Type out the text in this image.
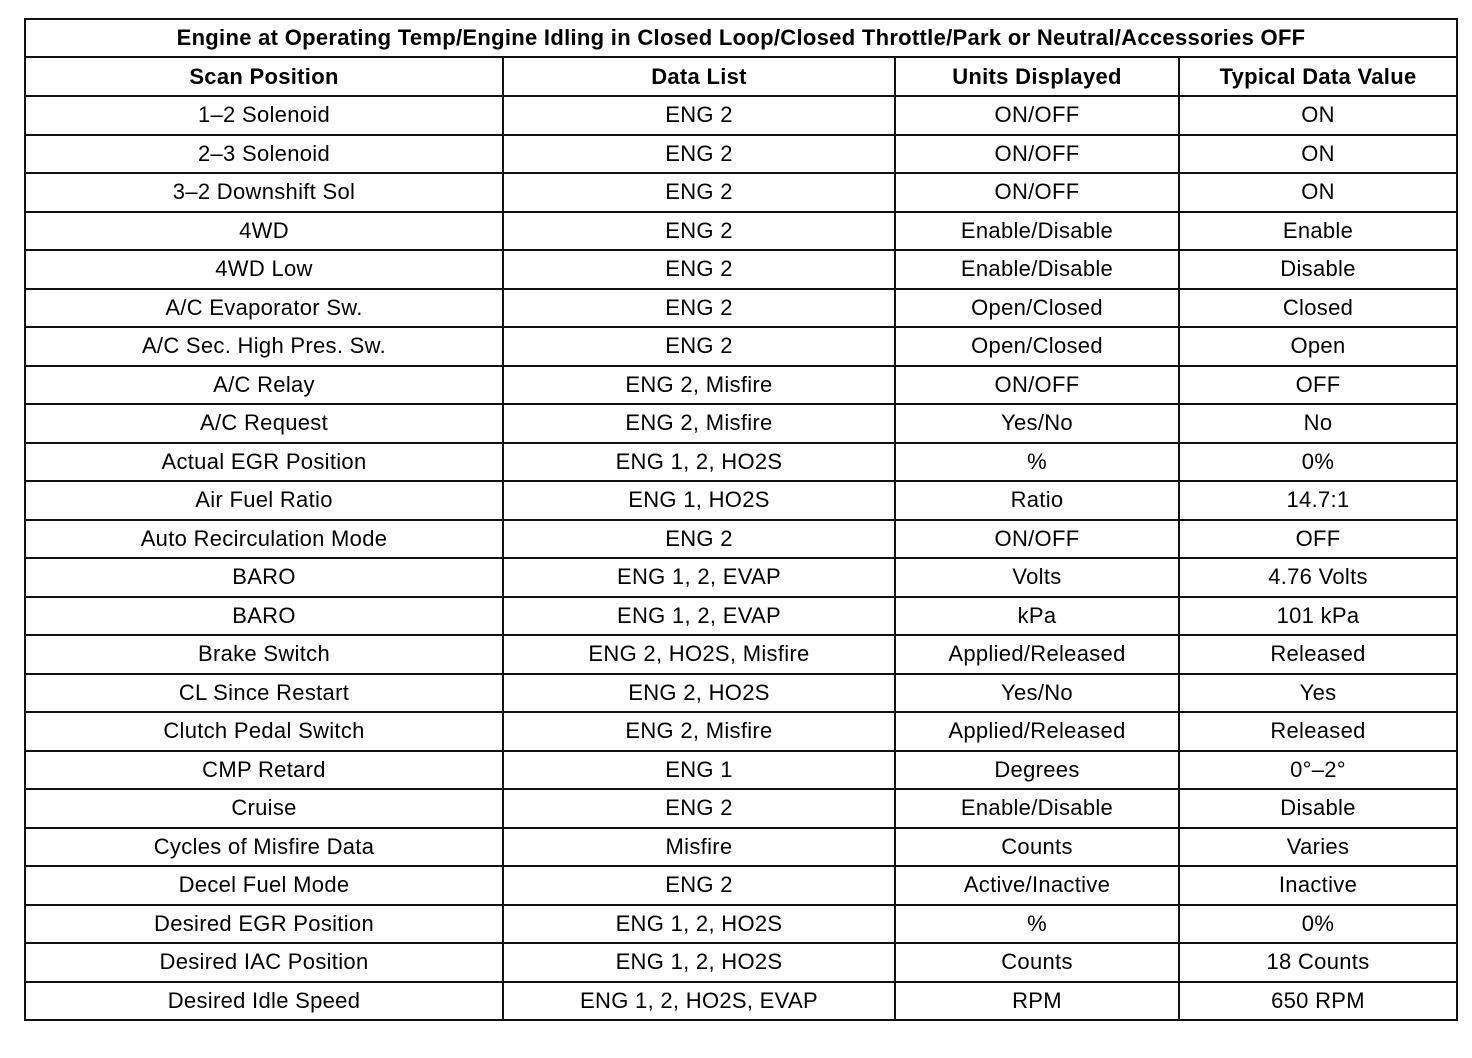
Engine at Operating Temp/Engine Idling in Closed Loop/Closed Throttle/Park or Neutral/Accessories OFF			
Scan Position	Data List	Units Displayed	Typical Data Value
1–2 Solenoid	ENG 2	ON/OFF	ON
2–3 Solenoid	ENG 2	ON/OFF	ON
3–2 Downshift Sol	ENG 2	ON/OFF	ON
4WD	ENG 2	Enable/Disable	Enable
4WD Low	ENG 2	Enable/Disable	Disable
A/C Evaporator Sw.	ENG 2	Open/Closed	Closed
A/C Sec. High Pres. Sw.	ENG 2	Open/Closed	Open
A/C Relay	ENG 2, Misfire	ON/OFF	OFF
A/C Request	ENG 2, Misfire	Yes/No	No
Actual EGR Position	ENG 1, 2, HO2S	%	0%
Air Fuel Ratio	ENG 1, HO2S	Ratio	14.7:1
Auto Recirculation Mode	ENG 2	ON/OFF	OFF
BARO	ENG 1, 2, EVAP	Volts	4.76 Volts
BARO	ENG 1, 2, EVAP	kPa	101 kPa
Brake Switch	ENG 2, HO2S, Misfire	Applied/Released	Released
CL Since Restart	ENG 2, HO2S	Yes/No	Yes
Clutch Pedal Switch	ENG 2, Misfire	Applied/Released	Released
CMP Retard	ENG 1	Degrees	0°–2°
Cruise	ENG 2	Enable/Disable	Disable
Cycles of Misfire Data	Misfire	Counts	Varies
Decel Fuel Mode	ENG 2	Active/Inactive	Inactive
Desired EGR Position	ENG 1, 2, HO2S	%	0%
Desired IAC Position	ENG 1, 2, HO2S	Counts	18 Counts
Desired Idle Speed	ENG 1, 2, HO2S, EVAP	RPM	650 RPM
